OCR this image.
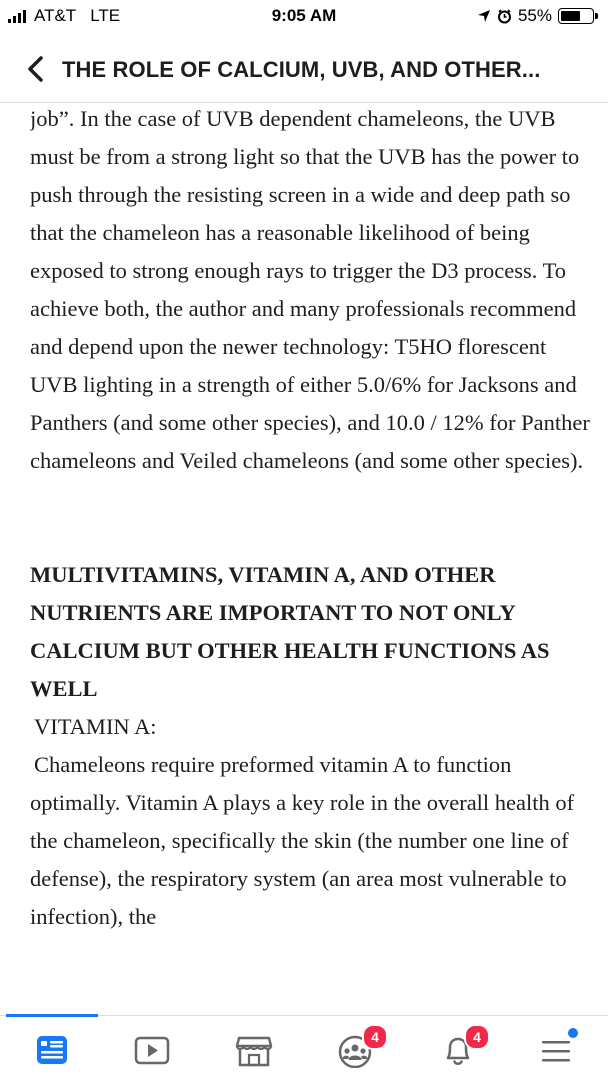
AT&T LTE	9:05 AM	55%
THE ROLE OF CALCIUM, UVB, AND OTHER...

job”. In the case of UVB dependent chameleons, the UVB must be from a strong light so that the UVB has the power to push through the resisting screen in a wide and deep path so that the chameleon has a reasonable likelihood of being exposed to strong enough rays to trigger the D3 process. To achieve both, the author and many professionals recommend and depend upon the newer technology: T5HO florescent UVB lighting in a strength of either 5.0/6% for Jacksons and Panthers (and some other species), and 10.0 / 12% for Panther chameleons and Veiled chameleons (and some other species).

MULTIVITAMINS, VITAMIN A, AND OTHER NUTRIENTS ARE IMPORTANT TO NOT ONLY CALCIUM BUT OTHER HEALTH FUNCTIONS AS WELL

VITAMIN A:

Chameleons require preformed vitamin A to function optimally. Vitamin A plays a key role in the overall health of the chameleon, specifically the skin (the number one line of defense), the respiratory system (an area most vulnerable to infection), the

4	4
